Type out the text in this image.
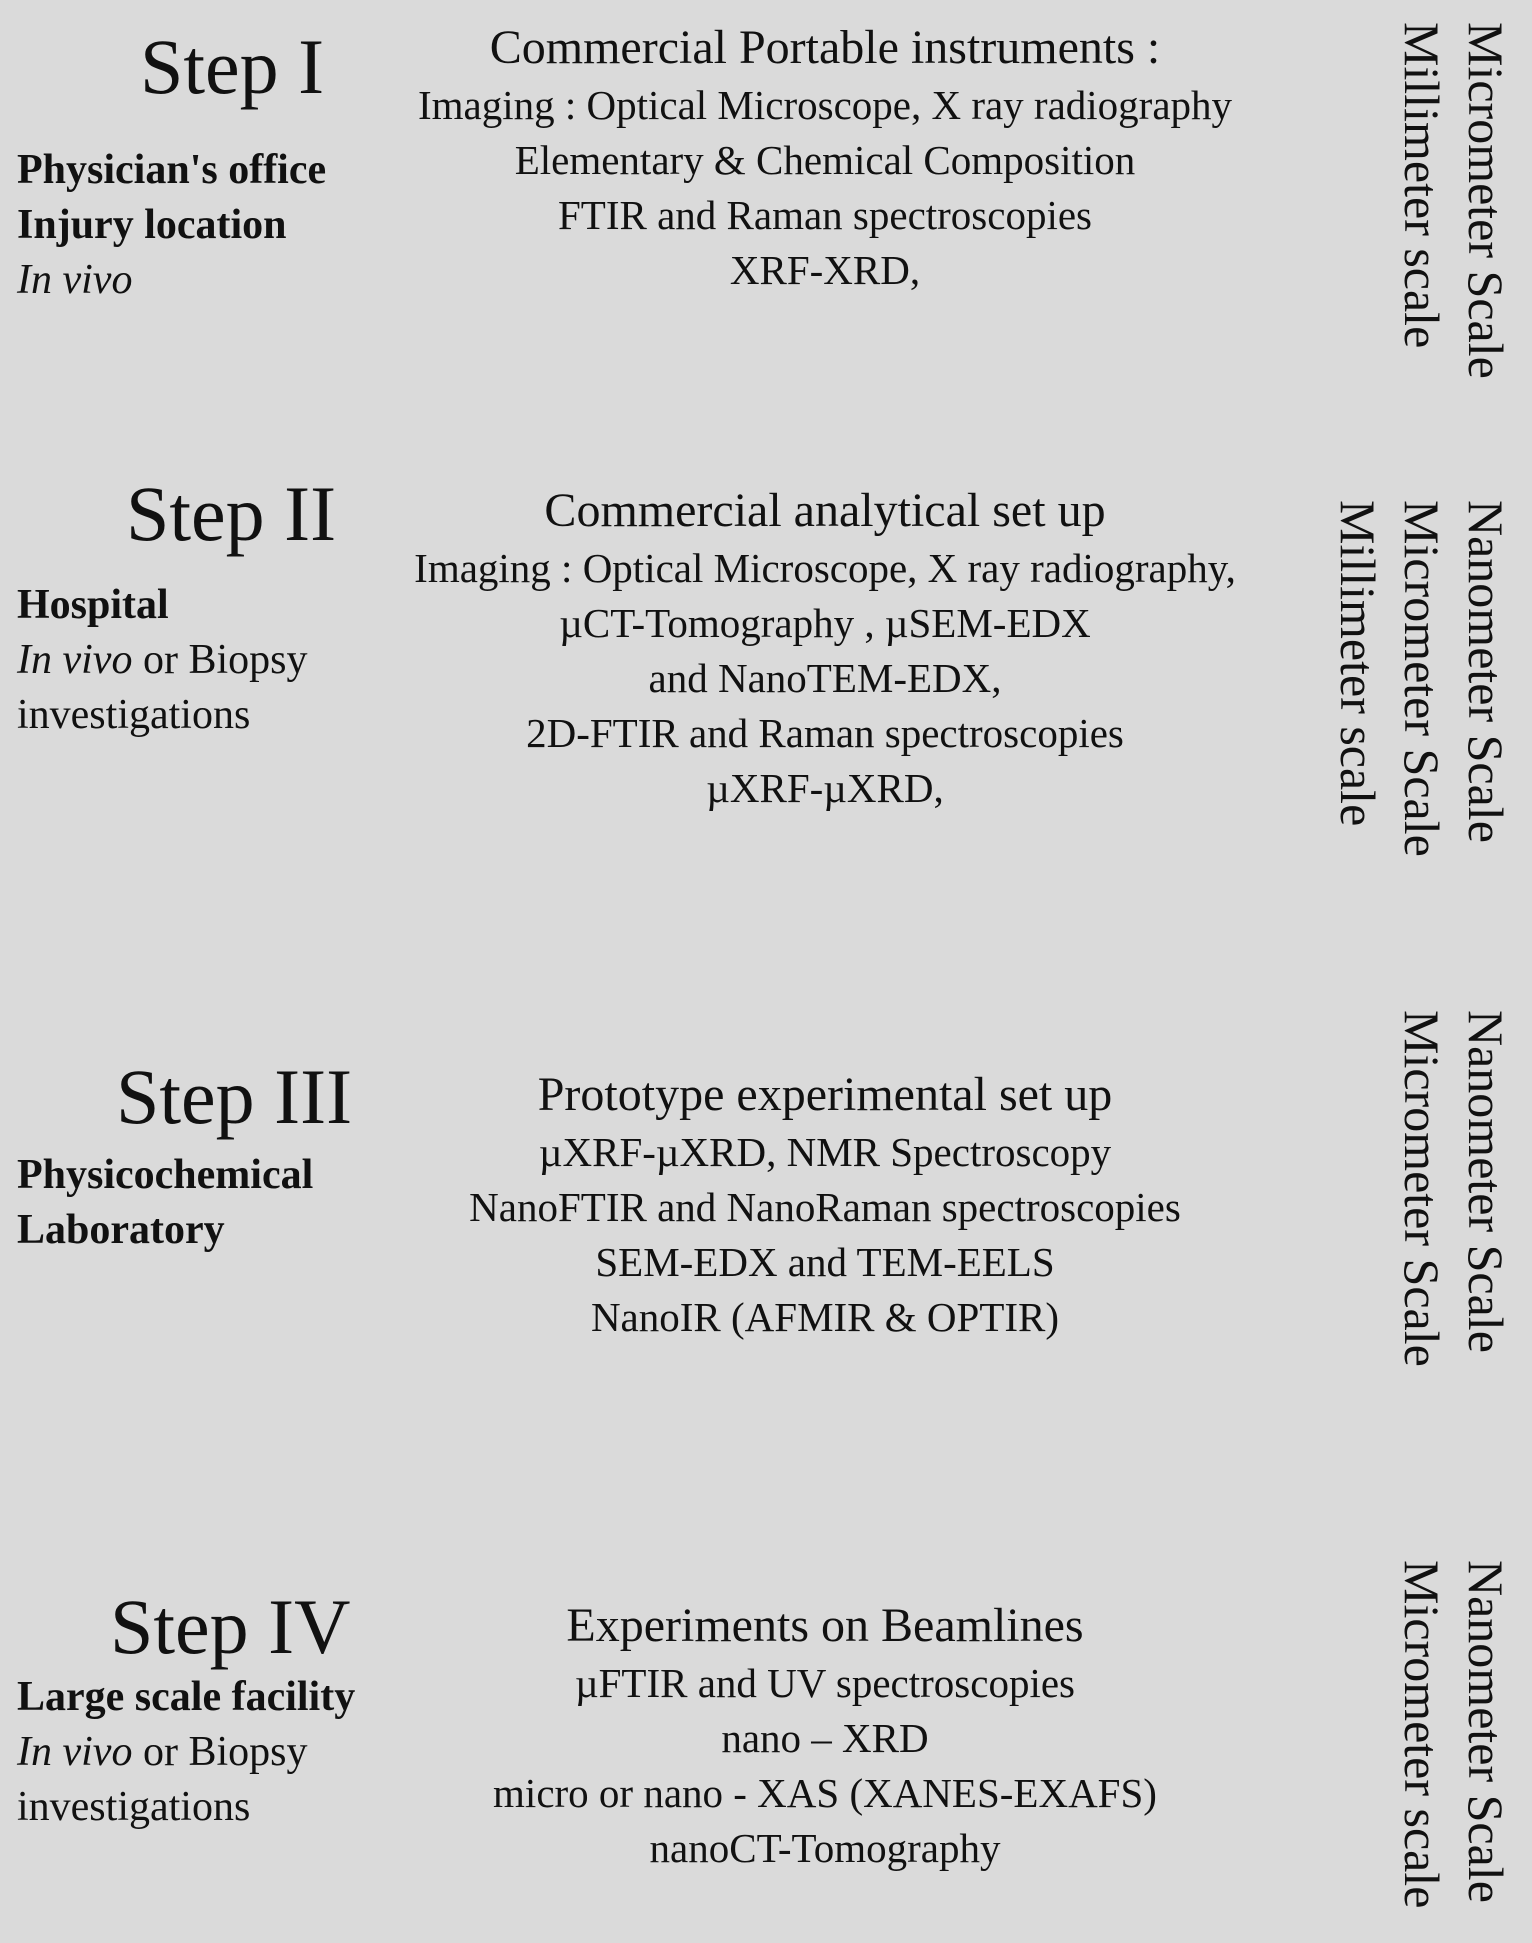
Step I
Physician's office
Injury location
In vivo
Commercial Portable instruments :
Imaging : Optical Microscope, X ray radiography
Elementary & Chemical Composition
FTIR and Raman spectroscopies
XRF-XRD,	Millimeter scale Micrometer Scale
Step II
Hospital
In vivo or Biopsy
investigations
Commercial analytical set up
Imaging : Optical Microscope, X ray radiography,
µCT-Tomography , µSEM-EDX
and NanoTEM-EDX,
2D-FTIR and Raman spectroscopies
µXRF-µXRD,	Millimeter scale Micrometer Scale Nanometer Scale
Step III
Physicochemical
Laboratory
Prototype experimental set up
µXRF-µXRD, NMR Spectroscopy
NanoFTIR and NanoRaman spectroscopies
SEM-EDX and TEM-EELS
NanoIR (AFMIR & OPTIR)	Micrometer Scale Nanometer Scale
Step IV
Large scale facility
In vivo or Biopsy
investigations
Experiments on Beamlines
µFTIR and UV spectroscopies
nano – XRD
micro or nano - XAS (XANES-EXAFS)
nanoCT-Tomography	Micrometer scale Nanometer Scale
